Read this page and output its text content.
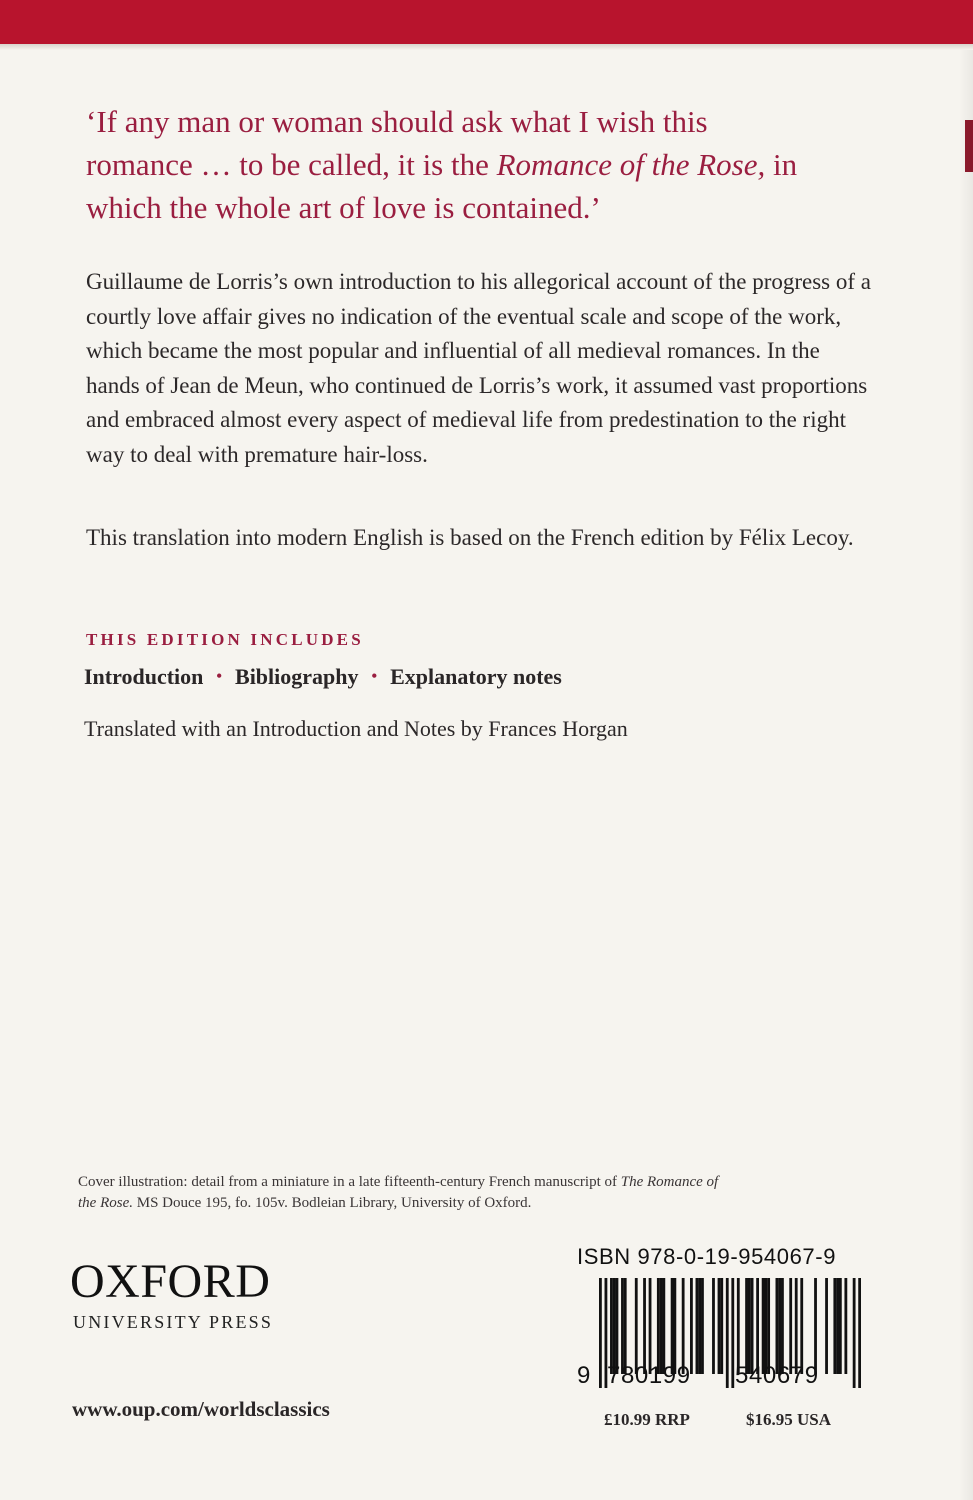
‘If any man or woman should ask what I wish this romance … to be called, it is the Romance of the Rose, in which the whole art of love is contained.’

Guillaume de Lorris’s own introduction to his allegorical account of the progress of a courtly love affair gives no indication of the eventual scale and scope of the work, which became the most popular and influential of all medieval romances. In the hands of Jean de Meun, who continued de Lorris’s work, it assumed vast proportions and embraced almost every aspect of medieval life from predestination to the right way to deal with premature hair-loss.

This translation into modern English is based on the French edition by Félix Lecoy.

THIS EDITION INCLUDES
Introduction • Bibliography • Explanatory notes

Translated with an Introduction and Notes by Frances Horgan

Cover illustration: detail from a miniature in a late fifteenth-century French manuscript of The Romance of the Rose. MS Douce 195, fo. 105v. Bodleian Library, University of Oxford.

OXFORD
UNIVERSITY PRESS

www.oup.com/worldsclassics

ISBN 978-0-19-954067-9
9 780199 540679

£10.99 RRP	$16.95 USA
